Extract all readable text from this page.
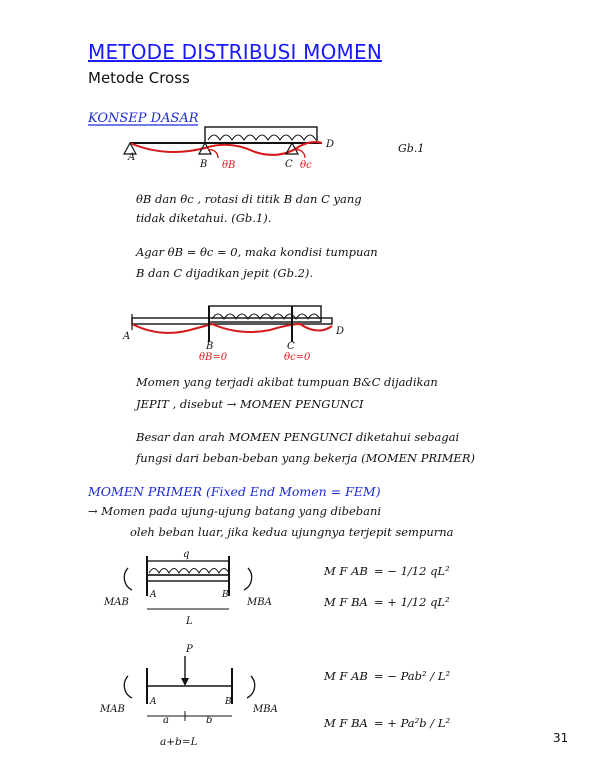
METODE DISTRIBUSI MOMEN
Metode Cross
KONSEP DASAR
A
B	C
D
θB	θc
Gb.1
θB dan θc , rotasi di titik B dan C yang
tidak diketahui. (Gb.1).
Agar θB = θc = 0, maka kondisi tumpuan
B dan C dijadikan jepit (Gb.2).
A
B	C
D
θB=0	θc=0
Momen yang terjadi akibat tumpuan B&C dijadikan
JEPIT , disebut → MOMEN PENGUNCI
Besar dan arah MOMEN PENGUNCI diketahui sebagai
fungsi dari beban-beban yang bekerja (MOMEN PRIMER)
MOMEN PRIMER (Fixed End Momen = FEM)
→ Momen pada ujung-ujung batang yang dibebani
oleh beban luar, jika kedua ujungnya terjepit sempurna
q
MAB	MBA
A	B
L
M F AB = − 1/12 qL²
M F BA = + 1/12 qL²
P
MAB	MBA
A	B
a	b
a+b=L
M F AB = − Pab² / L²
M F BA = + Pa²b / L²
31
